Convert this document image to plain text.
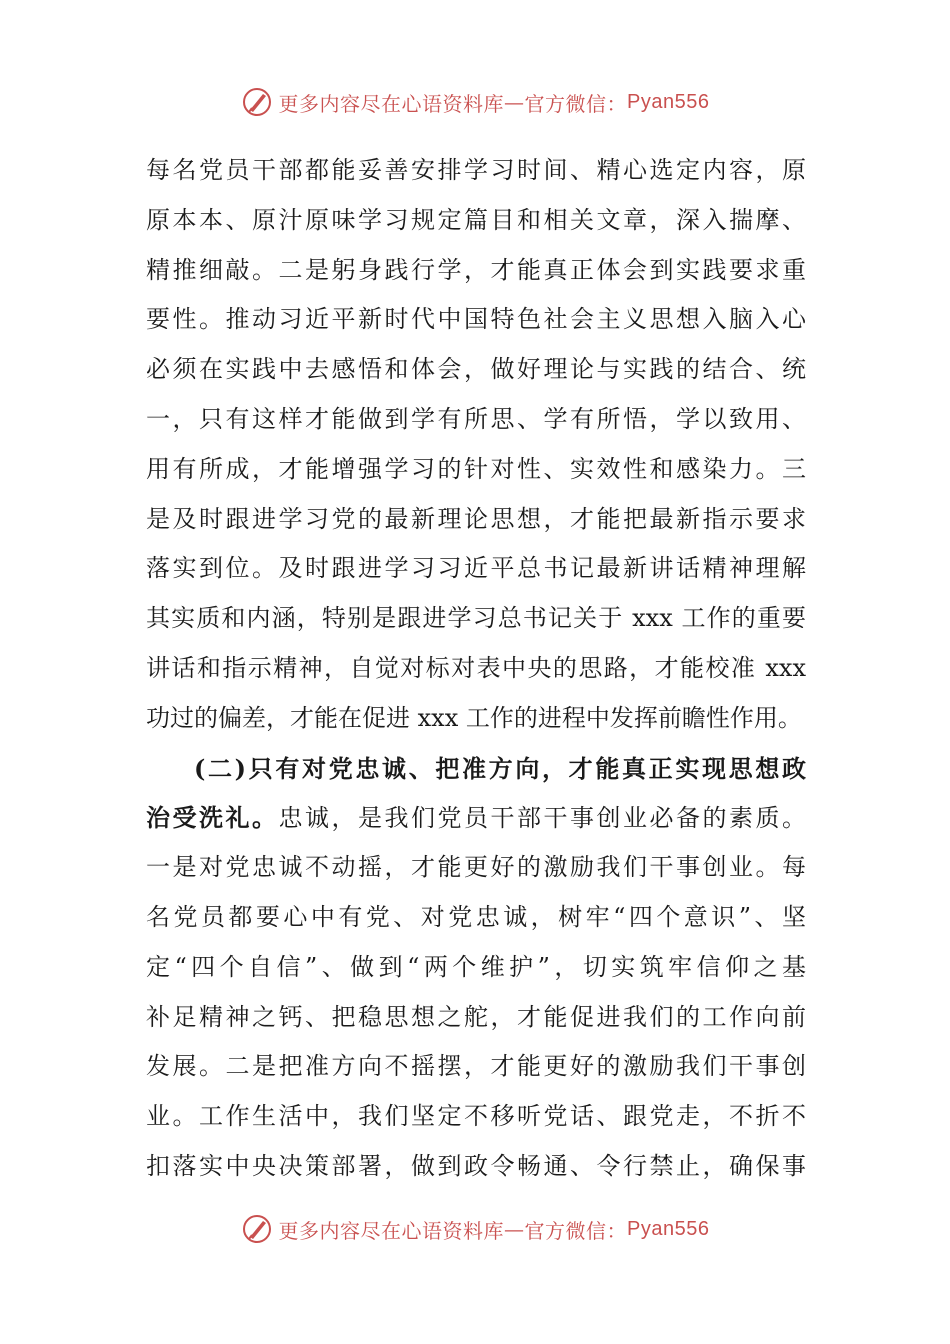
更多内容尽在心语资料库 — 官方微信： Pyan556
每名党员干部都能妥善安排学习时间、精心选定内容，原
原本本、原汁原味学习规定篇目和相关文章，深入揣摩、
精推细敲。二是躬身践行学，才能真正体会到实践要求重
要性。推动习近平新时代中国特色社会主义思想入脑入心
必须在实践中去感悟和体会，做好理论与实践的结合、统
一，只有这样才能做到学有所思、学有所悟，学以致用、
用有所成，才能增强学习的针对性、实效性和感染力。三
是及时跟进学习党的最新理论思想，才能把最新指示要求
落实到位。及时跟进学习习近平总书记最新讲话精神理解
其实质和内涵，特别是跟进学习总书记关于 xxx 工作的重要
讲话和指示精神，自觉对标对表中央的思路，才能校准 xxx
功过的偏差，才能在促进 xxx 工作的进程中发挥前瞻性作用。
(二)只有对党忠诚、把准方向，才能真正实现思想政
治受洗礼。忠诚，是我们党员干部干事创业必备的素质。
一是对党忠诚不动摇，才能更好的激励我们干事创业。每
名党员都要心中有党、对党忠诚，树牢“四个意识”、坚
定“四个自信”、做到“两个维护”，切实筑牢信仰之基
补足精神之钙、把稳思想之舵，才能促进我们的工作向前
发展。二是把准方向不摇摆，才能更好的激励我们干事创
业。工作生活中，我们坚定不移听党话、跟党走，不折不
扣落实中央决策部署，做到政令畅通、令行禁止，确保事
更多内容尽在心语资料库 — 官方微信： Pyan556
